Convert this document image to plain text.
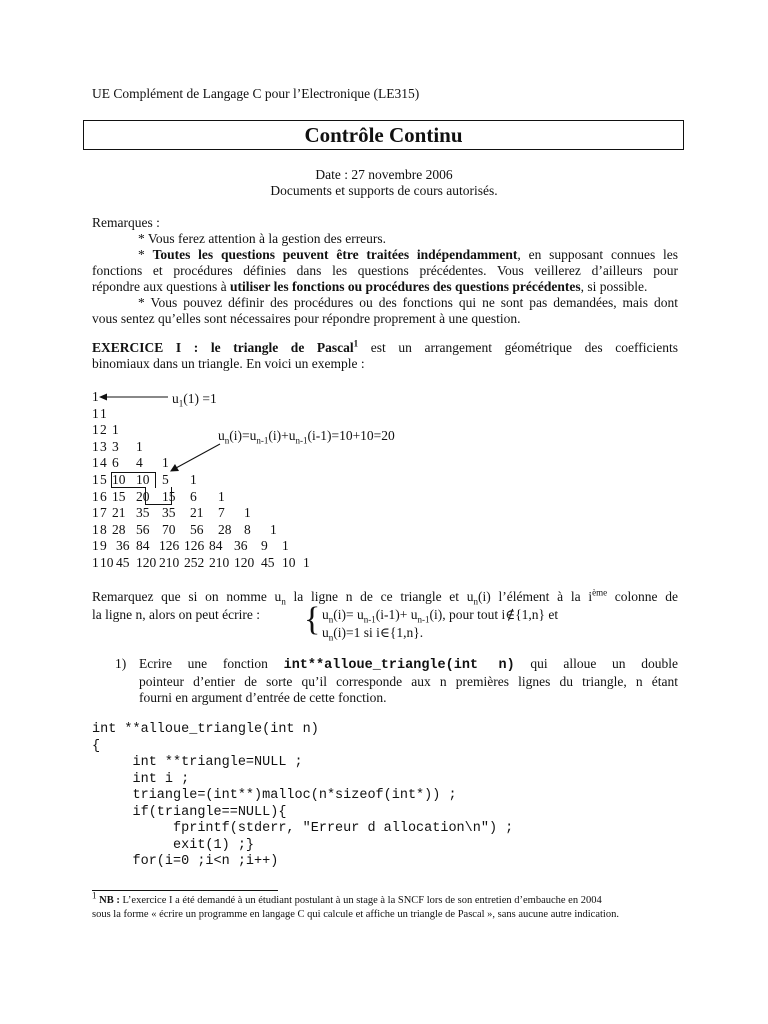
UE Complément de Langage C pour l’Electronique (LE315)
Contrôle Continu
Date : 27 novembre 2006
Documents et supports de cours autorisés.
Remarques :
* Vous ferez attention à la gestion des erreurs.
* Toutes les questions peuvent être traitées indépendamment, en supposant connues les
fonctions et procédures définies dans les questions précédentes. Vous veillerez d’ailleurs pour
répondre aux questions à utiliser les fonctions ou procédures des questions précédentes, si possible.
* Vous pouvez définir des procédures ou des fonctions qui ne sont pas demandées, mais dont
vous sentez qu’elles sont nécessaires pour répondre proprement à une question.
EXERCICE I : le triangle de Pascal$^1$ est un arrangement géométrique des coefficients
binomiaux dans un triangle. En voici un exemple :
1
1 1
1 2 1
1 3 3 1
1 4 6 4 1
1 5 10 10 5 1
1 6 15 20 15 6 1
1 7 21 35 35 21 7 1
1 8 28 56 70 56 28 8 1
1 9 36 84 126 126 84 36 9 1
1 10 45 120 210 252 210 120 45 10 1
$u_1(1) =1$
$u_n(i)=u_{n-1}(i)+u_{n-1}(i-1)=10+10=20$
Remarquez que si on nomme $u_n$ la ligne n de ce triangle et $u_n(i)$ l’élément à la $i^{ème}$ colonne de
la ligne n, alors on peut écrire : { $u_n(i)= u_{n-1}(i-1)+ u_{n-1}(i)$, pour tout i∉{1,n} et
$u_n(i)=1$ si i∈{1,n}.
1) Ecrire une fonction int**alloue_triangle(int n) qui alloue un double
pointeur d’entier de sorte qu’il corresponde aux n premières lignes du triangle, n étant
fourni en argument d’entrée de cette fonction.
int **alloue_triangle(int n)
{
int **triangle=NULL ;
int i ;
triangle=(int**)malloc(n*sizeof(int*)) ;
if(triangle==NULL){
fprintf(stderr, "Erreur d allocation\n") ;
exit(1) ;}
for(i=0 ;i<n ;i++)
$^1$ NB : L’exercice I a été demandé à un étudiant postulant à un stage à la SNCF lors de son entretien d’embauche en 2004
sous la forme « écrire un programme en langage C qui calcule et affiche un triangle de Pascal », sans aucune autre indication.
